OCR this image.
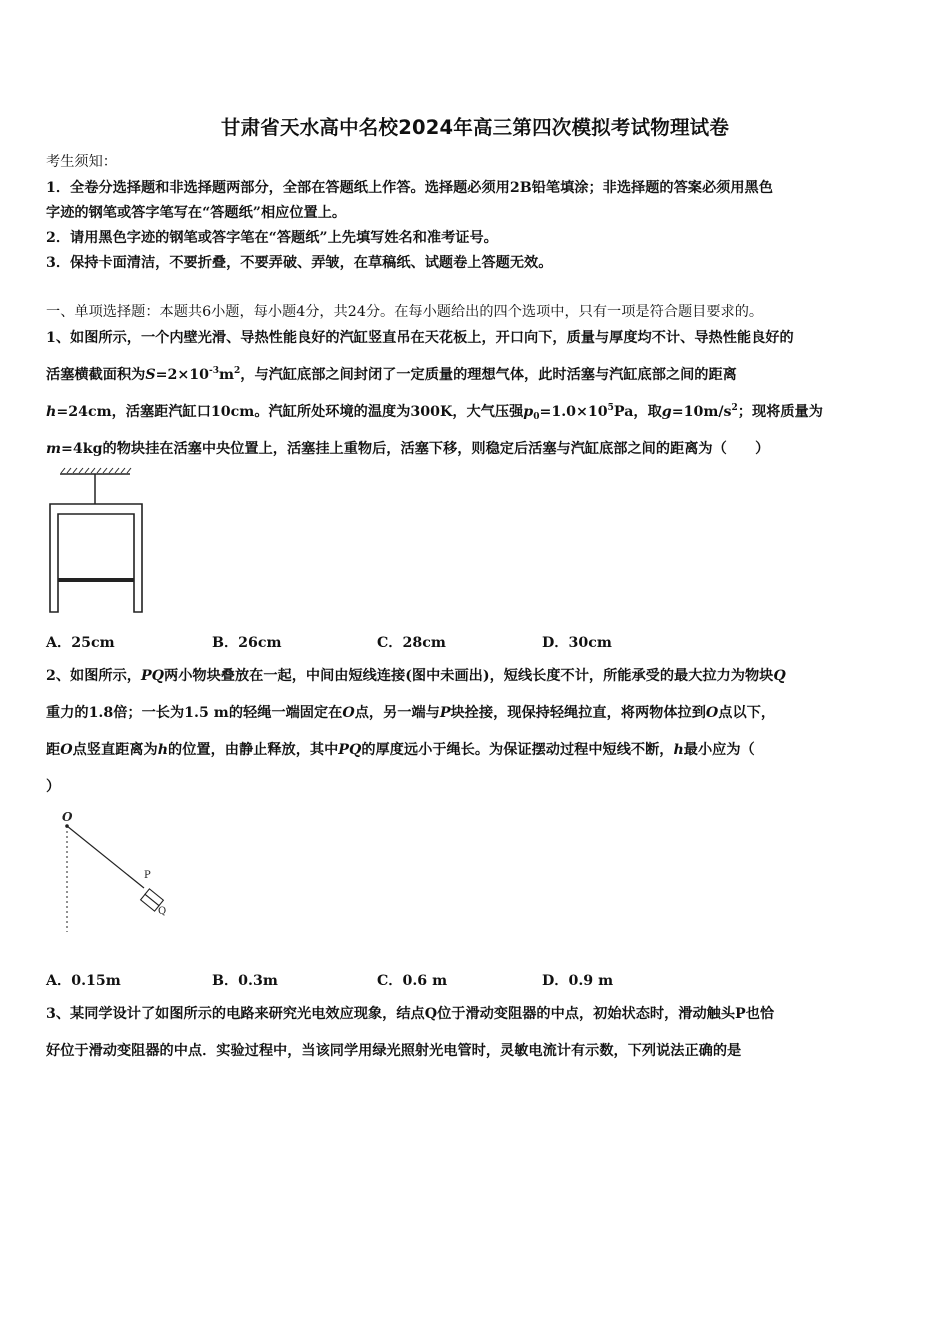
甘肃省天水高中名校2024年高三第四次模拟考试物理试卷
考生须知：
1．全卷分选择题和非选择题两部分，全部在答题纸上作答。选择题必须用2B铅笔填涂；非选择题的答案必须用黑色
字迹的钢笔或答字笔写在“答题纸”相应位置上。
2．请用黑色字迹的钢笔或答字笔在“答题纸”上先填写姓名和准考证号。
3．保持卡面清洁，不要折叠，不要弄破、弄皱，在草稿纸、试题卷上答题无效。
一、单项选择题：本题共6小题，每小题4分，共24分。在每小题给出的四个选项中，只有一项是符合题目要求的。
1、如图所示，一个内壁光滑、导热性能良好的汽缸竖直吊在天花板上，开口向下，质量与厚度均不计、导热性能良好的
活塞横截面积为$S=2\times 10^{-3}m^2$，与汽缸底部之间封闭了一定质量的理想气体，此时活塞与汽缸底部之间的距离
h=24cm，活塞距汽缸口10cm。汽缸所处环境的温度为300K，大气压强$p_0=1.0\times 10^5Pa$，取$g=10m/s^2$；现将质量为
m=4kg的物块挂在活塞中央位置上，活塞挂上重物后，活塞下移，则稳定后活塞与汽缸底部之间的距离为（　　）
A．25cm	B．26cm	C．28cm	D．30cm
2、如图所示，PQ两小物块叠放在一起，中间由短线连接(图中未画出)，短线长度不计，所能承受的最大拉力为物块Q
重力的1.8倍；一长为1.5 m的轻绳一端固定在O点，另一端与P块拴接，现保持轻绳拉直，将两物体拉到O点以下，
距O点竖直距离为h的位置，由静止释放，其中PQ的厚度远小于绳长。为保证摆动过程中短线不断，h最小应为（
）
O
P
Q
A．0.15m	B．0.3m	C．0.6 m	D．0.9 m
3、某同学设计了如图所示的电路来研究光电效应现象，结点Q位于滑动变阻器的中点，初始状态时，滑动触头P也恰
好位于滑动变阻器的中点．实验过程中，当该同学用绿光照射光电管时，灵敏电流计有示数，下列说法正确的是
